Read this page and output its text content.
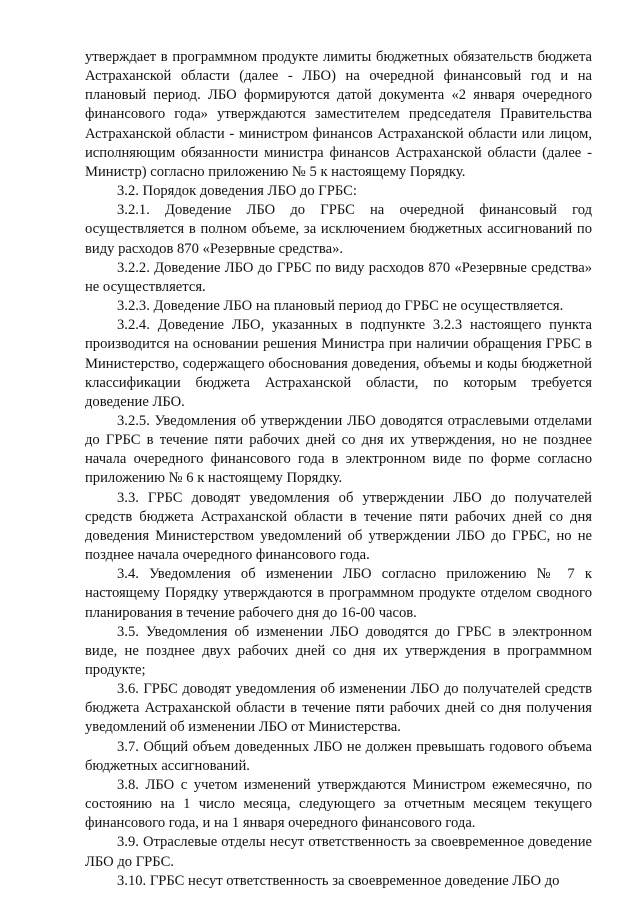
утверждает в программном продукте лимиты бюджетных обязательств бюджета Астраханской области (далее - ЛБО) на очередной финансовый год и на плановый период. ЛБО формируются датой документа «2 января очередного финансового года» утверждаются заместителем председателя Правительства Астраханской области - министром финансов Астраханской области или лицом, исполняющим обязанности министра финансов Астраханской области (далее - Министр) согласно приложению № 5 к настоящему Порядку.

3.2. Порядок доведения ЛБО до ГРБС:

3.2.1. Доведение ЛБО до ГРБС на очередной финансовый год осуществляется в полном объеме, за исключением бюджетных ассигнований по виду расходов 870 «Резервные средства».

3.2.2. Доведение ЛБО до ГРБС по виду расходов 870 «Резервные средства» не осуществляется.

3.2.3. Доведение ЛБО на плановый период до ГРБС не осуществляется.

3.2.4. Доведение ЛБО, указанных в подпункте 3.2.3 настоящего пункта производится на основании решения Министра при наличии обращения ГРБС в Министерство, содержащего обоснования доведения, объемы и коды бюджетной классификации бюджета Астраханской области, по которым требуется доведение ЛБО.

3.2.5. Уведомления об утверждении ЛБО доводятся отраслевыми отделами до ГРБС в течение пяти рабочих дней со дня их утверждения, но не позднее начала очередного финансового года в электронном виде по форме согласно приложению № 6 к настоящему Порядку.

3.3. ГРБС доводят уведомления об утверждении ЛБО до получателей средств бюджета Астраханской области в течение пяти рабочих дней со дня доведения Министерством уведомлений об утверждении ЛБО до ГРБС, но не позднее начала очередного финансового года.

3.4. Уведомления об изменении ЛБО согласно приложению № 7 к настоящему Порядку утверждаются в программном продукте отделом сводного планирования в течение рабочего дня до 16-00 часов.

3.5. Уведомления об изменении ЛБО доводятся до ГРБС в электронном виде, не позднее двух рабочих дней со дня их утверждения в программном продукте;

3.6. ГРБС доводят уведомления об изменении ЛБО до получателей средств бюджета Астраханской области в течение пяти рабочих дней со дня получения уведомлений об изменении ЛБО от Министерства.

3.7. Общий объем доведенных ЛБО не должен превышать годового объема бюджетных ассигнований.

3.8. ЛБО с учетом изменений утверждаются Министром ежемесячно, по состоянию на 1 число месяца, следующего за отчетным месяцем текущего финансового года, и на 1 января очередного финансового года.

3.9. Отраслевые отделы несут ответственность за своевременное доведение ЛБО до ГРБС.

3.10. ГРБС несут ответственность за своевременное доведение ЛБО до
